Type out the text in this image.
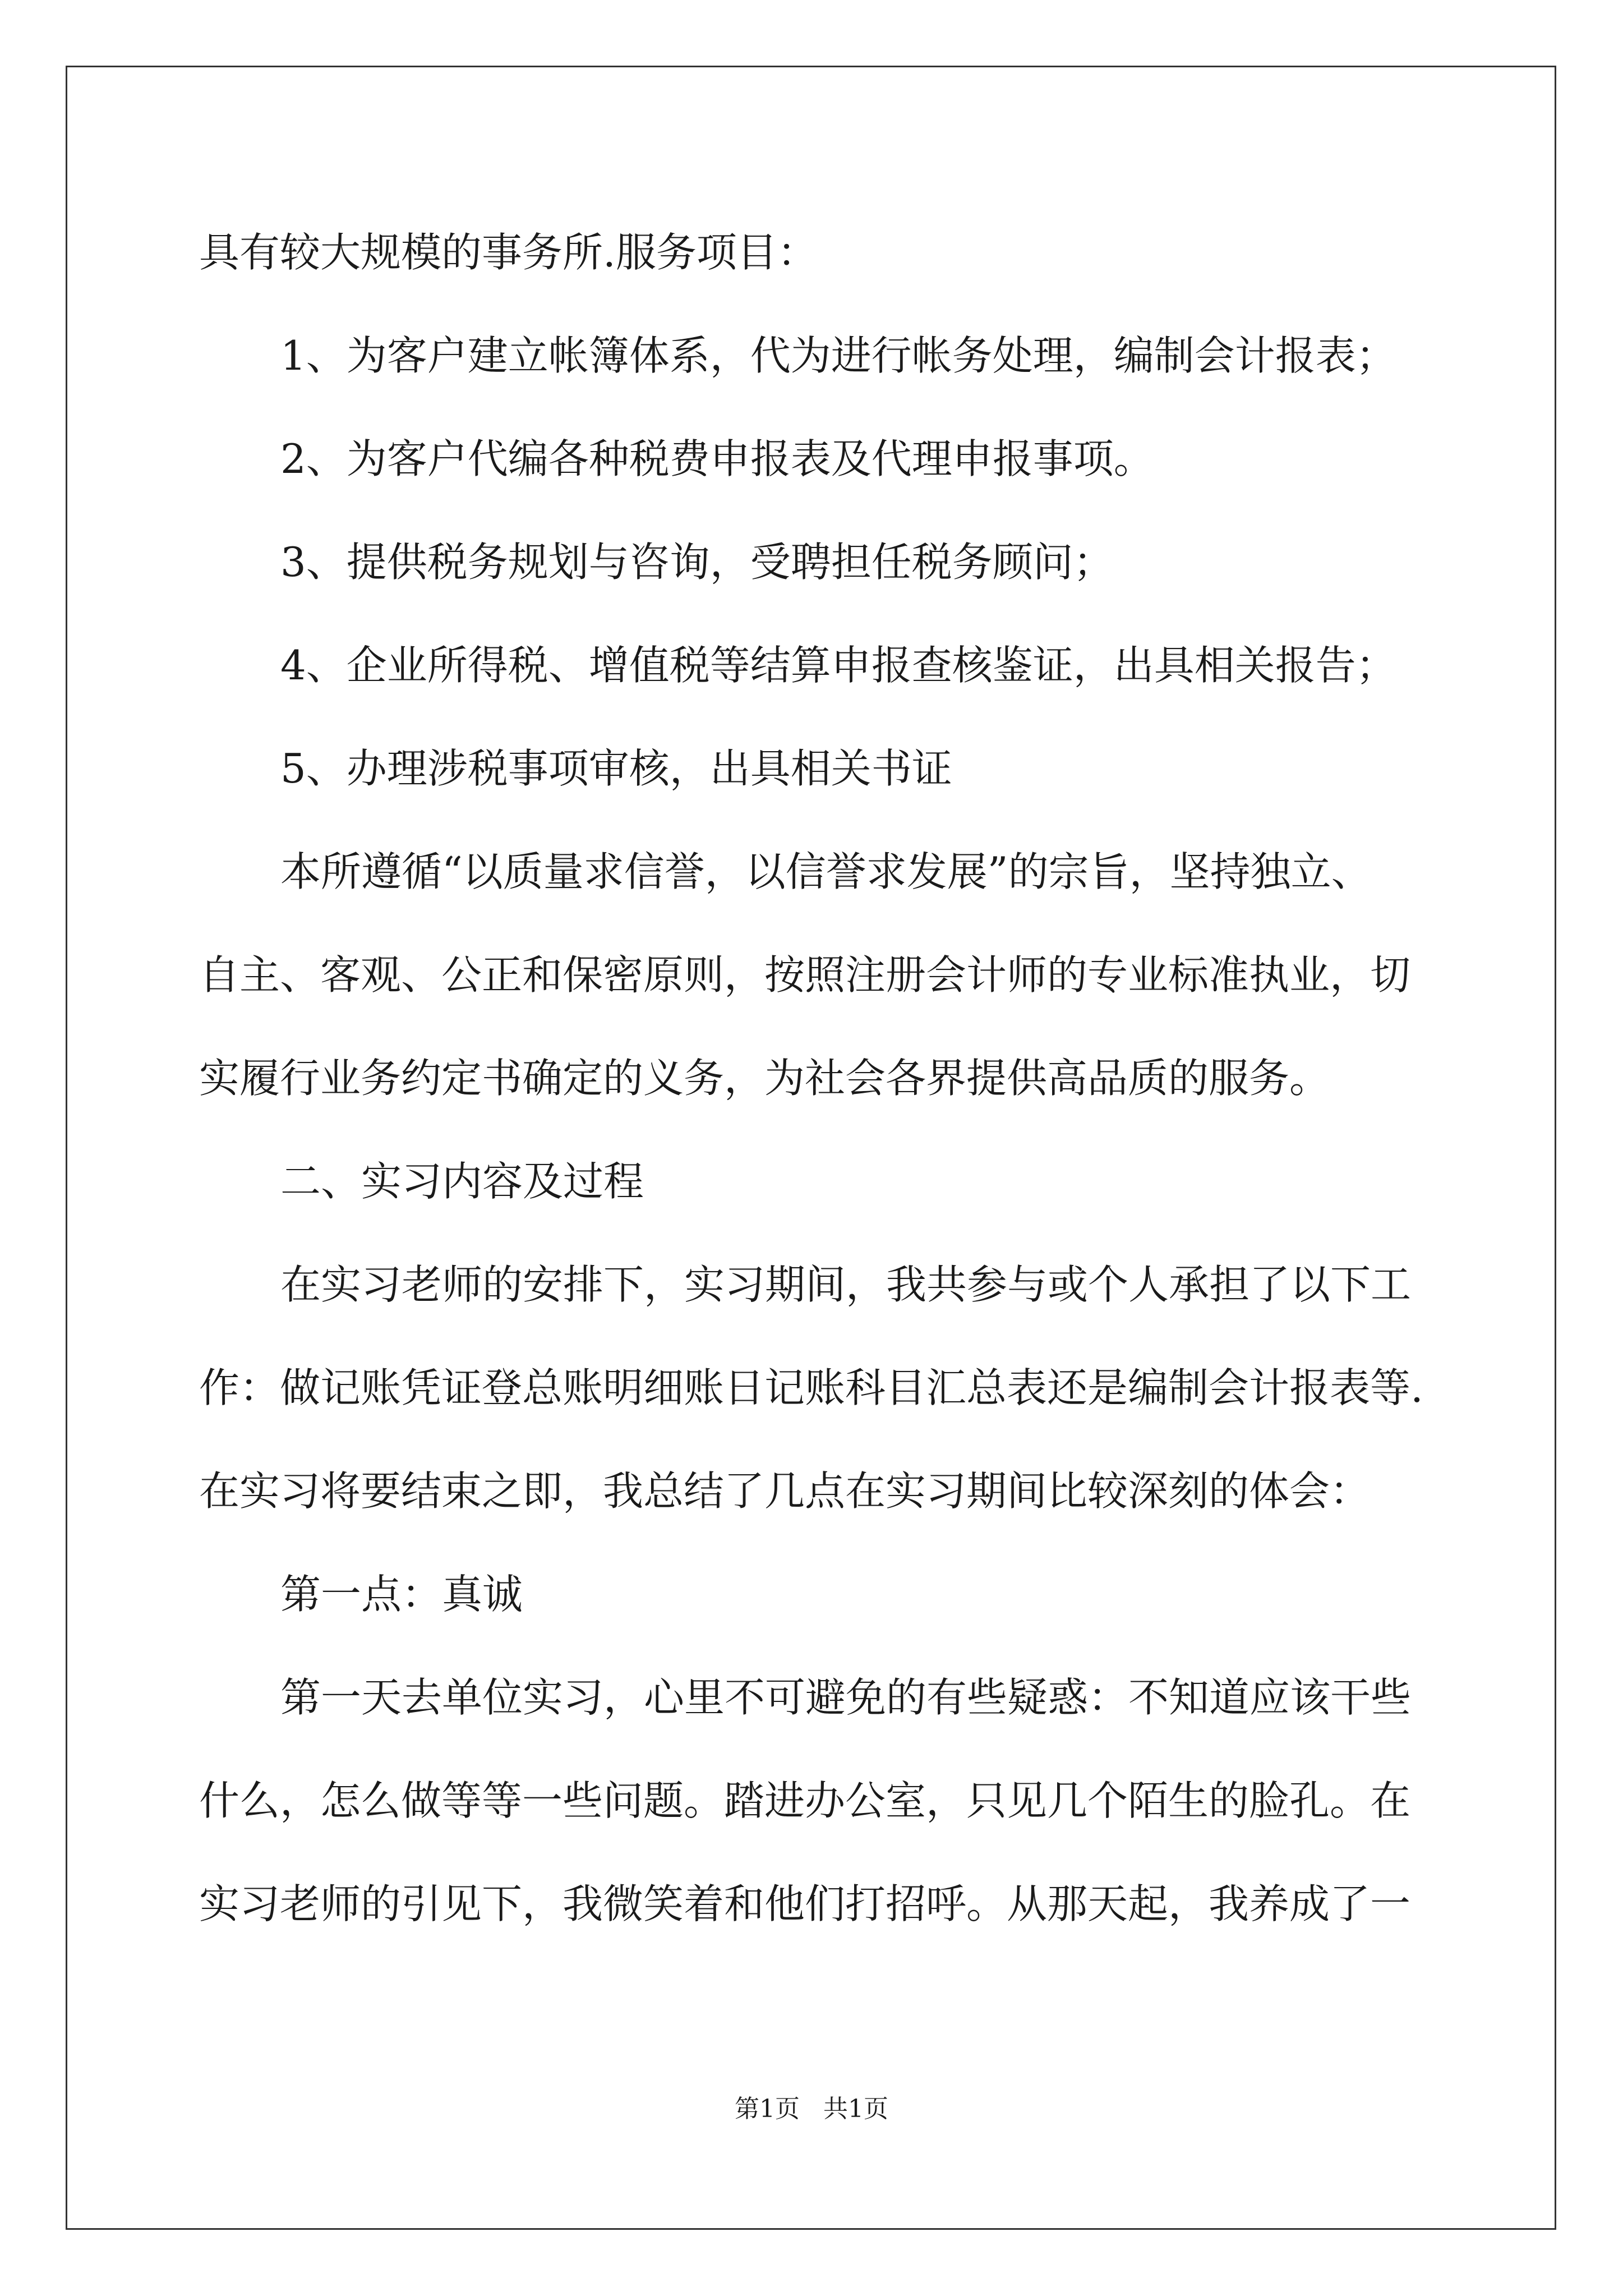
具有较大规模的事务所.服务项目：
1、为客户建立帐簿体系，代为进行帐务处理，编制会计报表；
2、为客户代编各种税费申报表及代理申报事项。
3、提供税务规划与咨询，受聘担任税务顾问；
4、企业所得税、增值税等结算申报查核鉴证，出具相关报告；
5、办理涉税事项审核，出具相关书证
本所遵循“以质量求信誉，以信誉求发展”的宗旨，坚持独立、
自主、客观、公正和保密原则，按照注册会计师的专业标准执业，切
实履行业务约定书确定的义务，为社会各界提供高品质的服务。
二、实习内容及过程
在实习老师的安排下，实习期间，我共参与或个人承担了以下工
作：做记账凭证登总账明细账日记账科目汇总表还是编制会计报表等.
在实习将要结束之即，我总结了几点在实习期间比较深刻的体会：
第一点：真诚
第一天去单位实习，心里不可避免的有些疑惑：不知道应该干些
什么，怎么做等等一些问题。踏进办公室，只见几个陌生的脸孔。在
实习老师的引见下，我微笑着和他们打招呼。从那天起，我养成了一
第1页   共1页
